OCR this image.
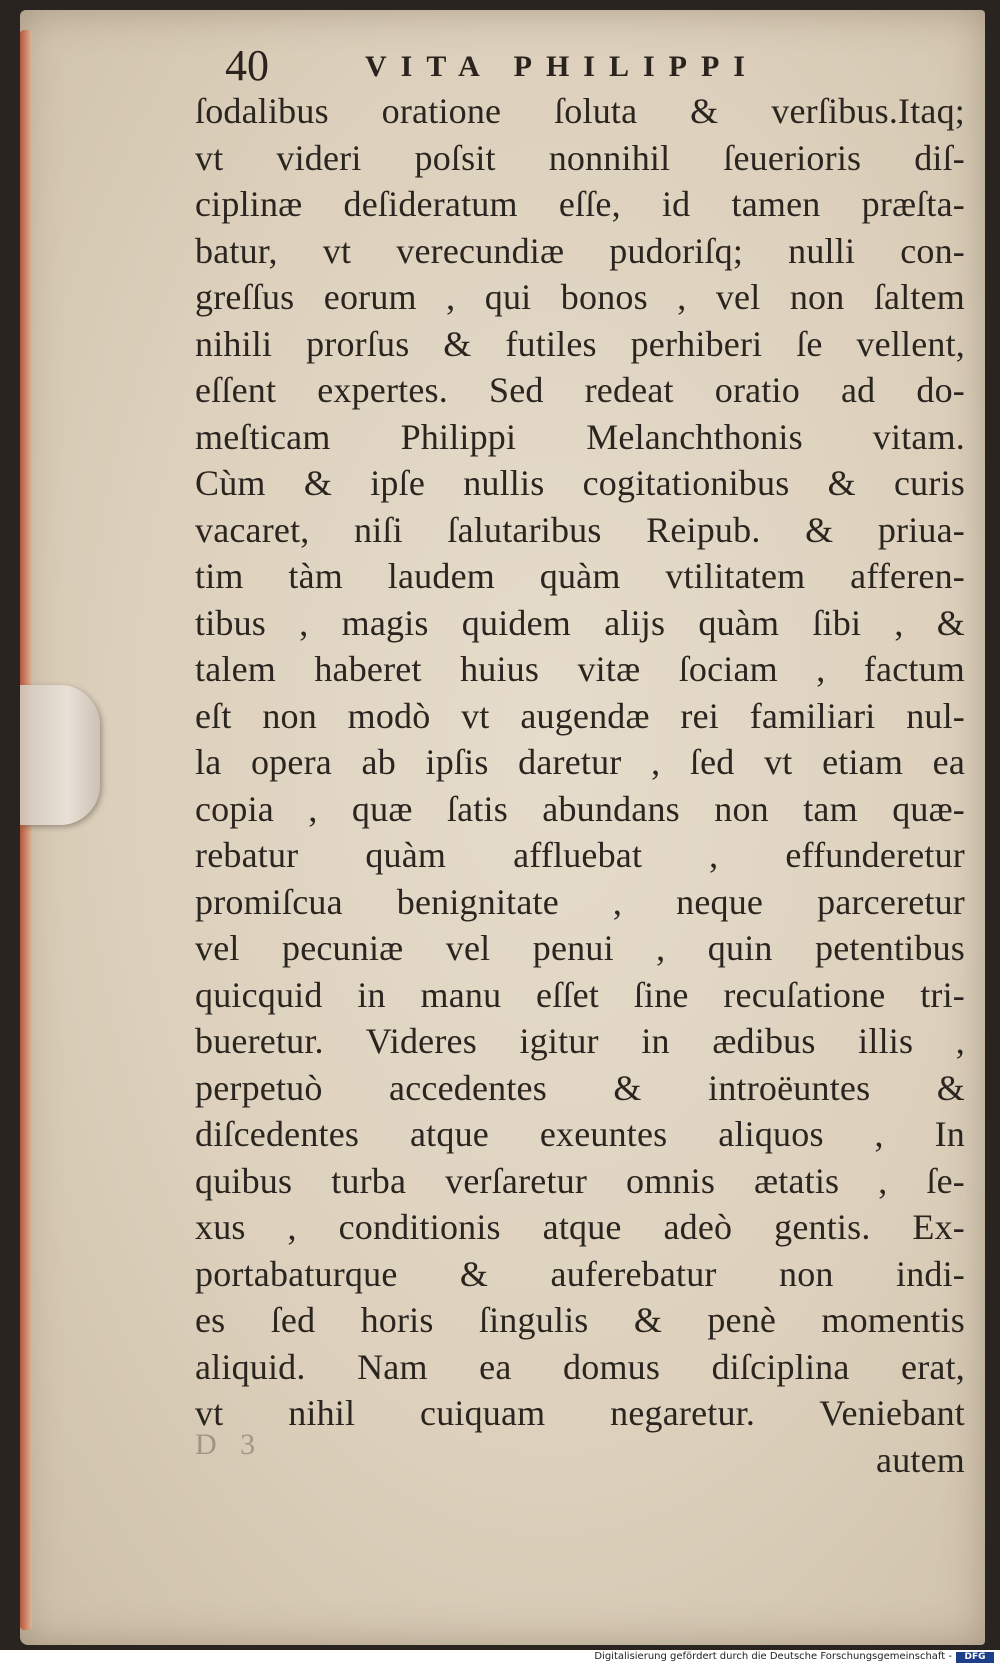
40	VITA PHILIPPI
ſodalibus oratione ſoluta & verſibus.Itaq;
vt videri poſsit nonnihil ſeuerioris diſ-
ciplinæ deſideratum eſſe, id tamen præſta-
batur, vt verecundiæ pudoriſq; nulli con-
greſſus eorum , qui bonos , vel non ſaltem
nihili prorſus & futiles perhiberi ſe vellent,
eſſent expertes. Sed redeat oratio ad do-
meſticam Philippi Melanchthonis vitam.
Cùm & ipſe nullis cogitationibus & curis
vacaret, niſi ſalutaribus Reipub. & priua-
tim tàm laudem quàm vtilitatem afferen-
tibus , magis quidem alijs quàm ſibi , &
talem haberet huius vitæ ſociam , factum
eſt non modò vt augendæ rei familiari nul-
la opera ab ipſis daretur , ſed vt etiam ea
copia , quæ ſatis abundans non tam quæ-
rebatur quàm affluebat , effunderetur
promiſcua benignitate , neque parceretur
vel pecuniæ vel penui , quin petentibus
quicquid in manu eſſet ſine recuſatione tri-
bueretur. Videres igitur in ædibus illis ,
perpetuò accedentes & introëuntes &
diſcedentes atque exeuntes aliquos , In
quibus turba verſaretur omnis ætatis , ſe-
xus , conditionis atque adeò gentis. Ex-
portabaturque & auferebatur non indi-
es ſed horis ſingulis & penè momentis
aliquid. Nam ea domus diſciplina erat,
vt nihil cuiquam negaretur. Veniebant
autem
D 3
Digitalisierung gefördert durch die Deutsche Forschungsgemeinschaft -	DFG
